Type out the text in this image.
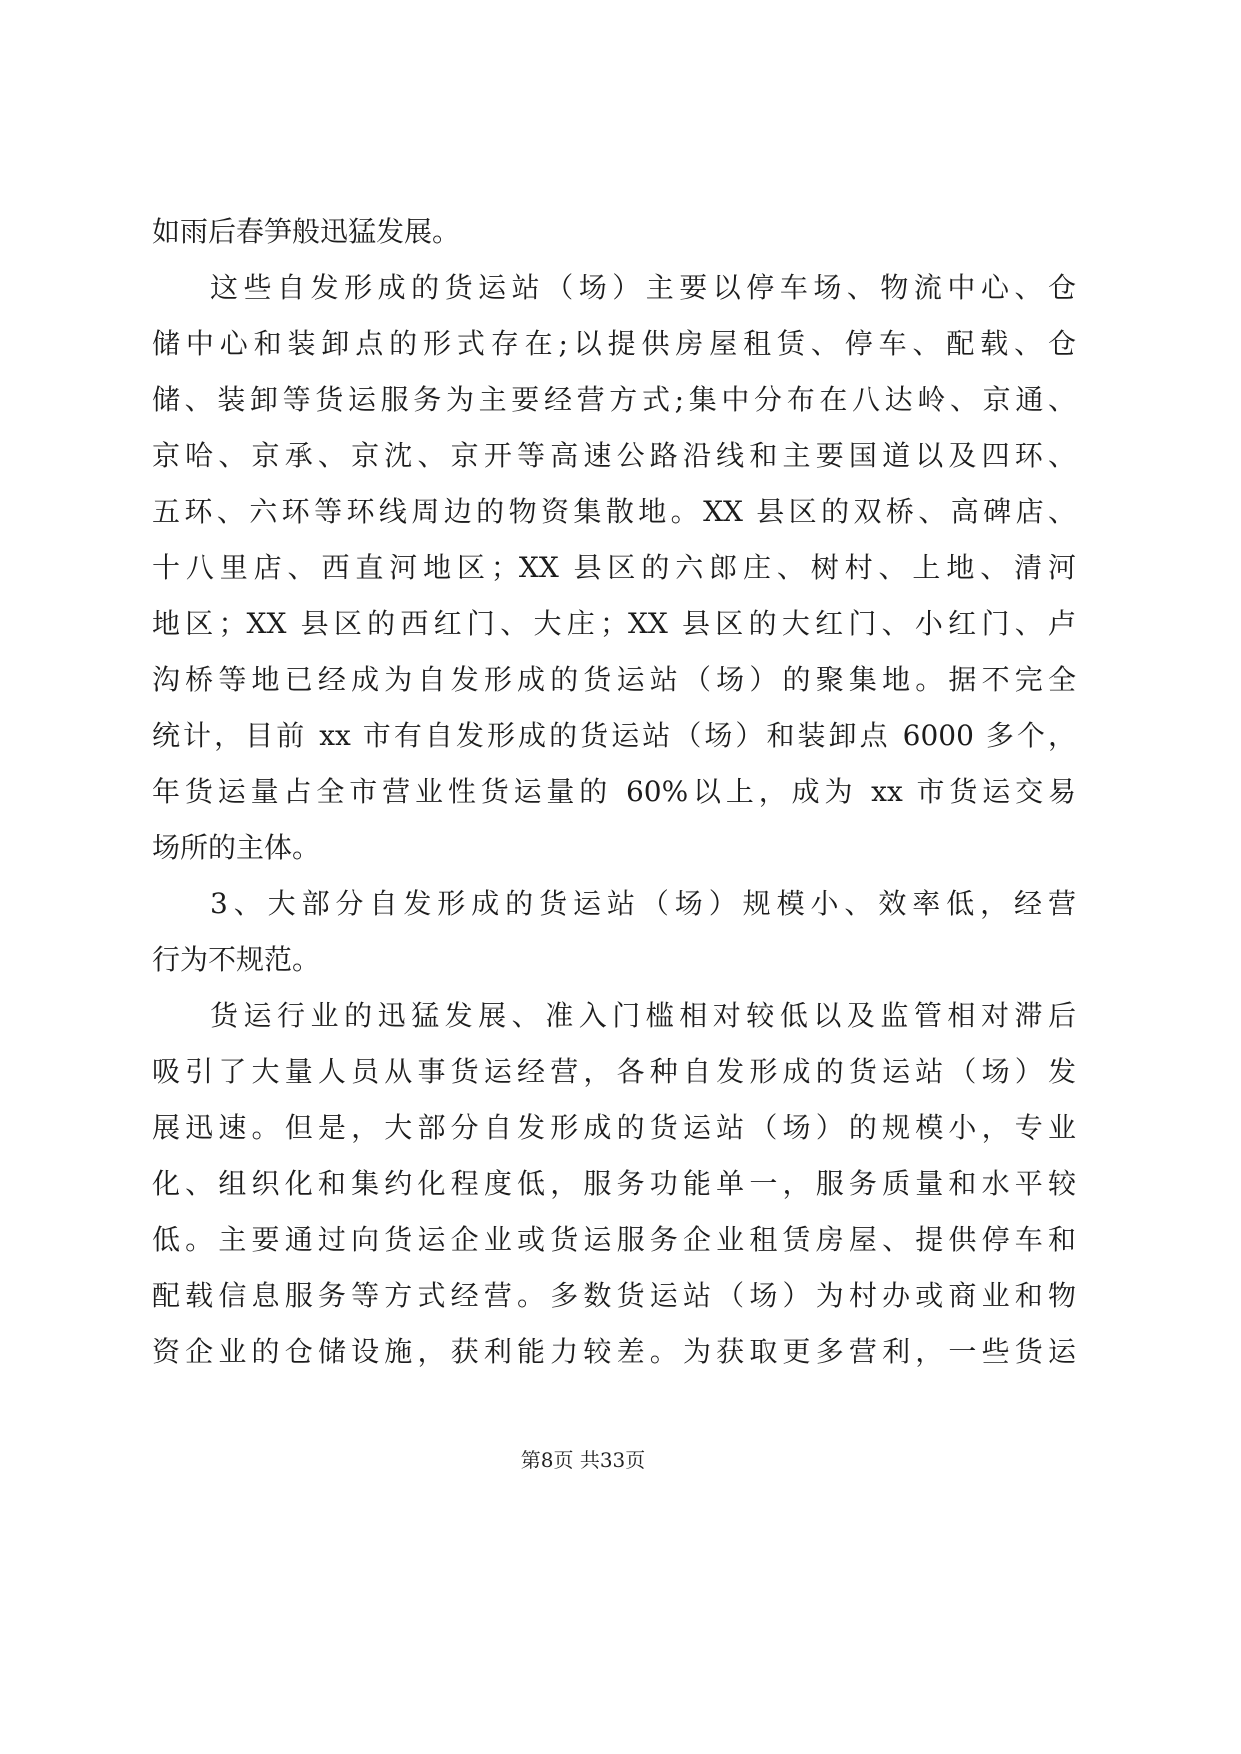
如雨后春笋般迅猛发展。
这些自发形成的货运站（场）主要以停车场、物流中心、仓
储中心和装卸点的形式存在;以提供房屋租赁、停车、配载、仓
储、装卸等货运服务为主要经营方式;集中分布在八达岭、京通、
京哈、京承、京沈、京开等高速公路沿线和主要国道以及四环、
五环、六环等环线周边的物资集散地。XX 县区的双桥、高碑店、
十八里店、西直河地区；XX 县区的六郎庄、树村、上地、清河
地区；XX 县区的西红门、大庄；XX 县区的大红门、小红门、卢
沟桥等地已经成为自发形成的货运站（场）的聚集地。据不完全
统计，目前 xx 市有自发形成的货运站（场）和装卸点 6000 多个，
年货运量占全市营业性货运量的 60%以上，成为 xx 市货运交易
场所的主体。
3、大部分自发形成的货运站（场）规模小、效率低，经营
行为不规范。
货运行业的迅猛发展、准入门槛相对较低以及监管相对滞后
吸引了大量人员从事货运经营，各种自发形成的货运站（场）发
展迅速。但是，大部分自发形成的货运站（场）的规模小，专业
化、组织化和集约化程度低，服务功能单一，服务质量和水平较
低。主要通过向货运企业或货运服务企业租赁房屋、提供停车和
配载信息服务等方式经营。多数货运站（场）为村办或商业和物
资企业的仓储设施，获利能力较差。为获取更多营利，一些货运
第8页 共33页
